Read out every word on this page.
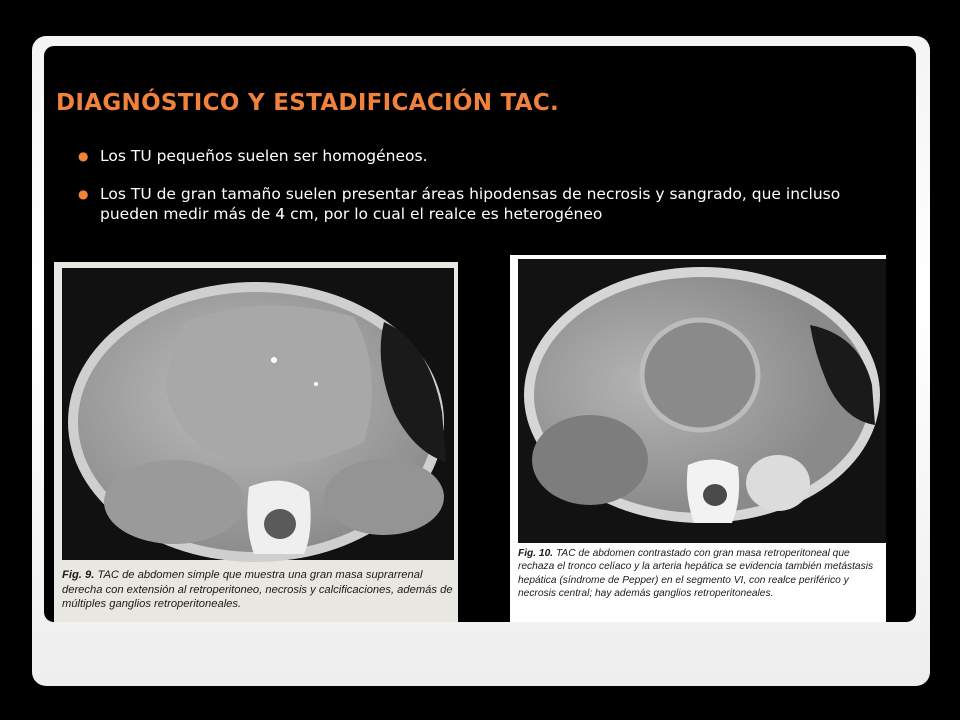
DIAGNÓSTICO Y ESTADIFICACIÓN TAC.
● Los TU pequeños suelen ser homogéneos.
● Los TU de gran tamaño suelen presentar áreas hipodensas de necrosis y sangrado, que incluso pueden medir más de 4 cm, por lo cual el realce es heterogéneo
Fig. 9. TAC de abdomen simple que muestra una gran masa suprarrenal derecha con extensión al retroperitoneo, necrosis y calcificaciones, además de múltiples ganglios retroperitoneales.
Fig. 10. TAC de abdomen contrastado con gran masa retroperitoneal que rechaza el tronco celíaco y la arteria hepática se evidencia también metástasis hepática (síndrome de Pepper) en el segmento VI, con realce periférico y necrosis central; hay además ganglios retroperitoneales.
